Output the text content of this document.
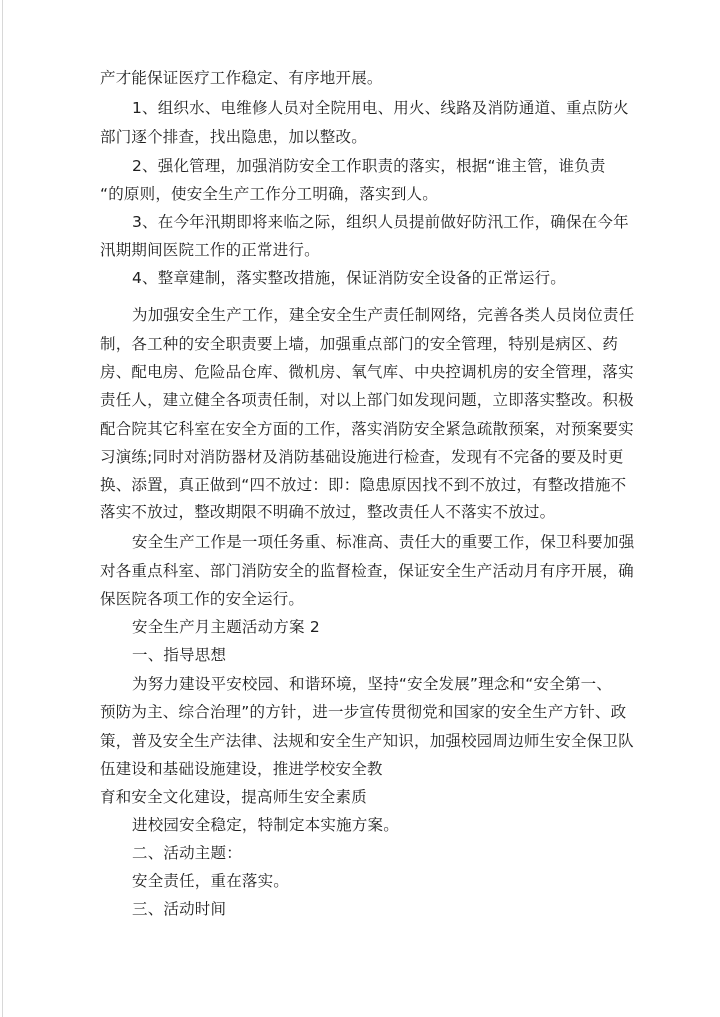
产才能保证医疗工作稳定、有序地开展。
1、组织水、电维修人员对全院用电、用火、线路及消防通道、重点防火
部门逐个排查，找出隐患，加以整改。
2、强化管理，加强消防安全工作职责的落实，根据“谁主管，谁负责
“的原则，使安全生产工作分工明确，落实到人。
3、在今年汛期即将来临之际，组织人员提前做好防汛工作，确保在今年
汛期期间医院工作的正常进行。
4、整章建制，落实整改措施，保证消防安全设备的正常运行。
为加强安全生产工作，建全安全生产责任制网络，完善各类人员岗位责任
制，各工种的安全职责要上墙，加强重点部门的安全管理，特别是病区、药
房、配电房、危险品仓库、微机房、氧气库、中央控调机房的安全管理，落实
责任人，建立健全各项责任制，对以上部门如发现问题，立即落实整改。积极
配合院其它科室在安全方面的工作，落实消防安全紧急疏散预案，对预案要实
习演练;同时对消防器材及消防基础设施进行检查，发现有不完备的要及时更
换、添置，真正做到“四不放过：即：隐患原因找不到不放过，有整改措施不
落实不放过，整改期限不明确不放过，整改责任人不落实不放过。
安全生产工作是一项任务重、标准高、责任大的重要工作，保卫科要加强
对各重点科室、部门消防安全的监督检查，保证安全生产活动月有序开展，确
保医院各项工作的安全运行。
安全生产月主题活动方案 2
一、指导思想
为努力建设平安校园、和谐环境，坚持“安全发展”理念和“安全第一、
预防为主、综合治理”的方针，进一步宣传贯彻党和国家的安全生产方针、政
策，普及安全生产法律、法规和安全生产知识，加强校园周边师生安全保卫队
伍建设和基础设施建设，推进学校安全教
育和安全文化建设，提高师生安全素质
进校园安全稳定，特制定本实施方案。
二、活动主题：
安全责任，重在落实。
三、活动时间
